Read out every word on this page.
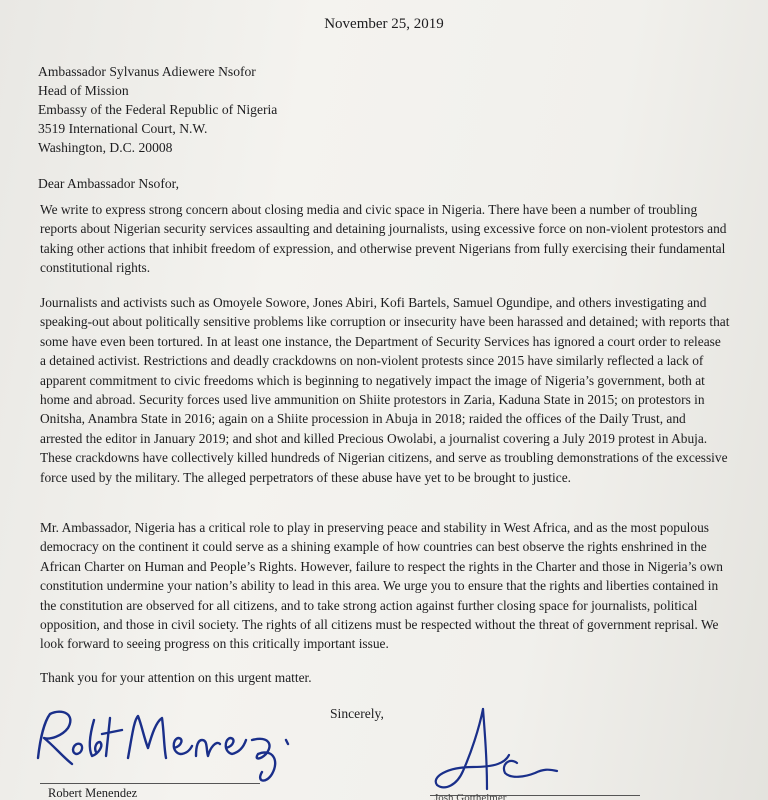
November 25, 2019
Ambassador Sylvanus Adiewere Nsofor
Head of Mission
Embassy of the Federal Republic of Nigeria
3519 International Court, N.W.
Washington, D.C. 20008
Dear Ambassador Nsofor,

We write to express strong concern about closing media and civic space in Nigeria. There have been a number of troubling reports about Nigerian security services assaulting and detaining journalists, using excessive force on non-violent protestors and taking other actions that inhibit freedom of expression, and otherwise prevent Nigerians from fully exercising their fundamental constitutional rights.

Journalists and activists such as Omoyele Sowore, Jones Abiri, Kofi Bartels, Samuel Ogundipe, and others investigating and speaking-out about politically sensitive problems like corruption or insecurity have been harassed and detained; with reports that some have even been tortured. In at least one instance, the Department of Security Services has ignored a court order to release a detained activist. Restrictions and deadly crackdowns on non-violent protests since 2015 have similarly reflected a lack of apparent commitment to civic freedoms which is beginning to negatively impact the image of Nigeria’s government, both at home and abroad. Security forces used live ammunition on Shiite protestors in Zaria, Kaduna State in 2015; on protestors in Onitsha, Anambra State in 2016; again on a Shiite procession in Abuja in 2018; raided the offices of the Daily Trust, and arrested the editor in January 2019; and shot and killed Precious Owolabi, a journalist covering a July 2019 protest in Abuja. These crackdowns have collectively killed hundreds of Nigerian citizens, and serve as troubling demonstrations of the excessive force used by the military. The alleged perpetrators of these abuse have yet to be brought to justice.

Mr. Ambassador, Nigeria has a critical role to play in preserving peace and stability in West Africa, and as the most populous democracy on the continent it could serve as a shining example of how countries can best observe the rights enshrined in the African Charter on Human and People’s Rights. However, failure to respect the rights in the Charter and those in Nigeria’s own constitution undermine your nation’s ability to lead in this area. We urge you to ensure that the rights and liberties contained in the constitution are observed for all citizens, and to take strong action against further closing space for journalists, political opposition, and those in civil society. The rights of all citizens must be respected without the threat of government reprisal. We look forward to seeing progress on this critically important issue.

Thank you for your attention on this urgent matter.

Sincerely,
Robert Menendez	Josh Gottheimer
